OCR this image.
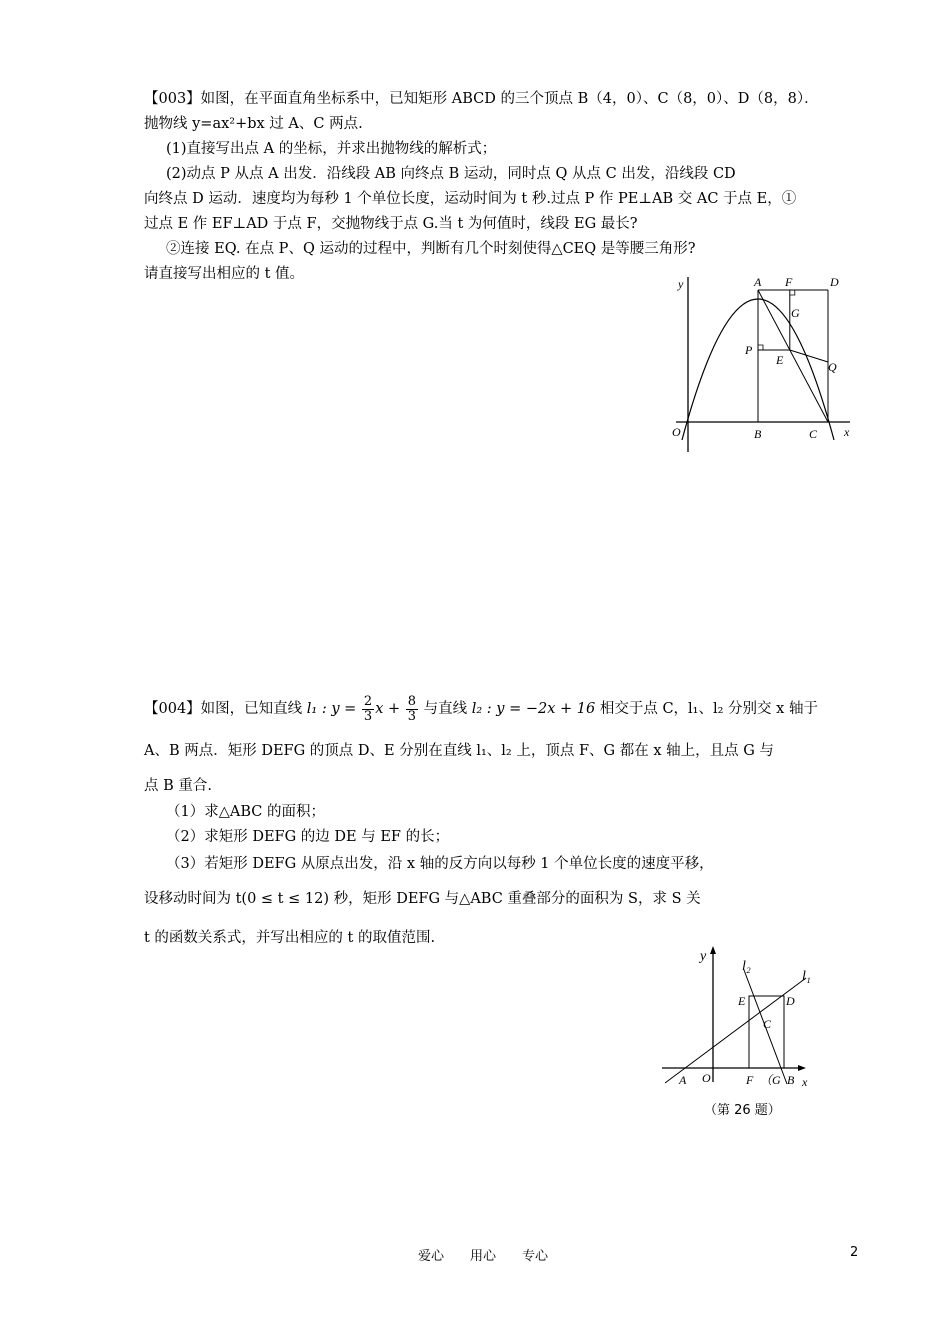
【003】如图，在平面直角坐标系中，已知矩形 ABCD 的三个顶点 B（4，0）、C（8，0）、D（8，8）．
抛物线 y=ax²+bx 过 A、C 两点.
(1)直接写出点 A 的坐标，并求出抛物线的解析式；
(2)动点 P 从点 A 出发．沿线段 AB 向终点 B 运动，同时点 Q 从点 C 出发，沿线段 CD
向终点 D 运动．速度均为每秒 1 个单位长度，运动时间为 t 秒.过点 P 作 PE⊥AB 交 AC 于点 E，①
过点 E 作 EF⊥AD 于点 F，交抛物线于点 G.当 t 为何值时，线段 EG 最长?
②连接 EQ. 在点 P、Q 运动的过程中，判断有几个时刻使得△CEQ 是等腰三角形?
请直接写出相应的 t 值。
y	A F	D
G
P
E	Q
O	B	C x
【004】如图，已知直线 l₁ : $y = \frac{2}{3}$ $x + \frac{8}{3}$ 与直线 l₂ : y = −2x + 16 相交于点 C，l₁、l₂ 分别交 x 轴于
A、B 两点．矩形 DEFG 的顶点 D、E 分别在直线 l₁、l₂ 上，顶点 F、G 都在 x 轴上，且点 G 与
点 B 重合.
（1）求△ABC 的面积；
（2）求矩形 DEFG 的边 DE 与 EF 的长；
（3）若矩形 DEFG 从原点出发，沿 x 轴的反方向以每秒 1 个单位长度的速度平移，
设移动时间为 t(0 ≤ t ≤ 12) 秒，矩形 DEFG 与△ABC 重叠部分的面积为 S，求 S 关
t 的函数关系式，并写出相应的 t 的取值范围.
y
l₂
l₁
E	D
C
A O	F （G B x
（第 26 题）
爱心　　用心　　专心	2
